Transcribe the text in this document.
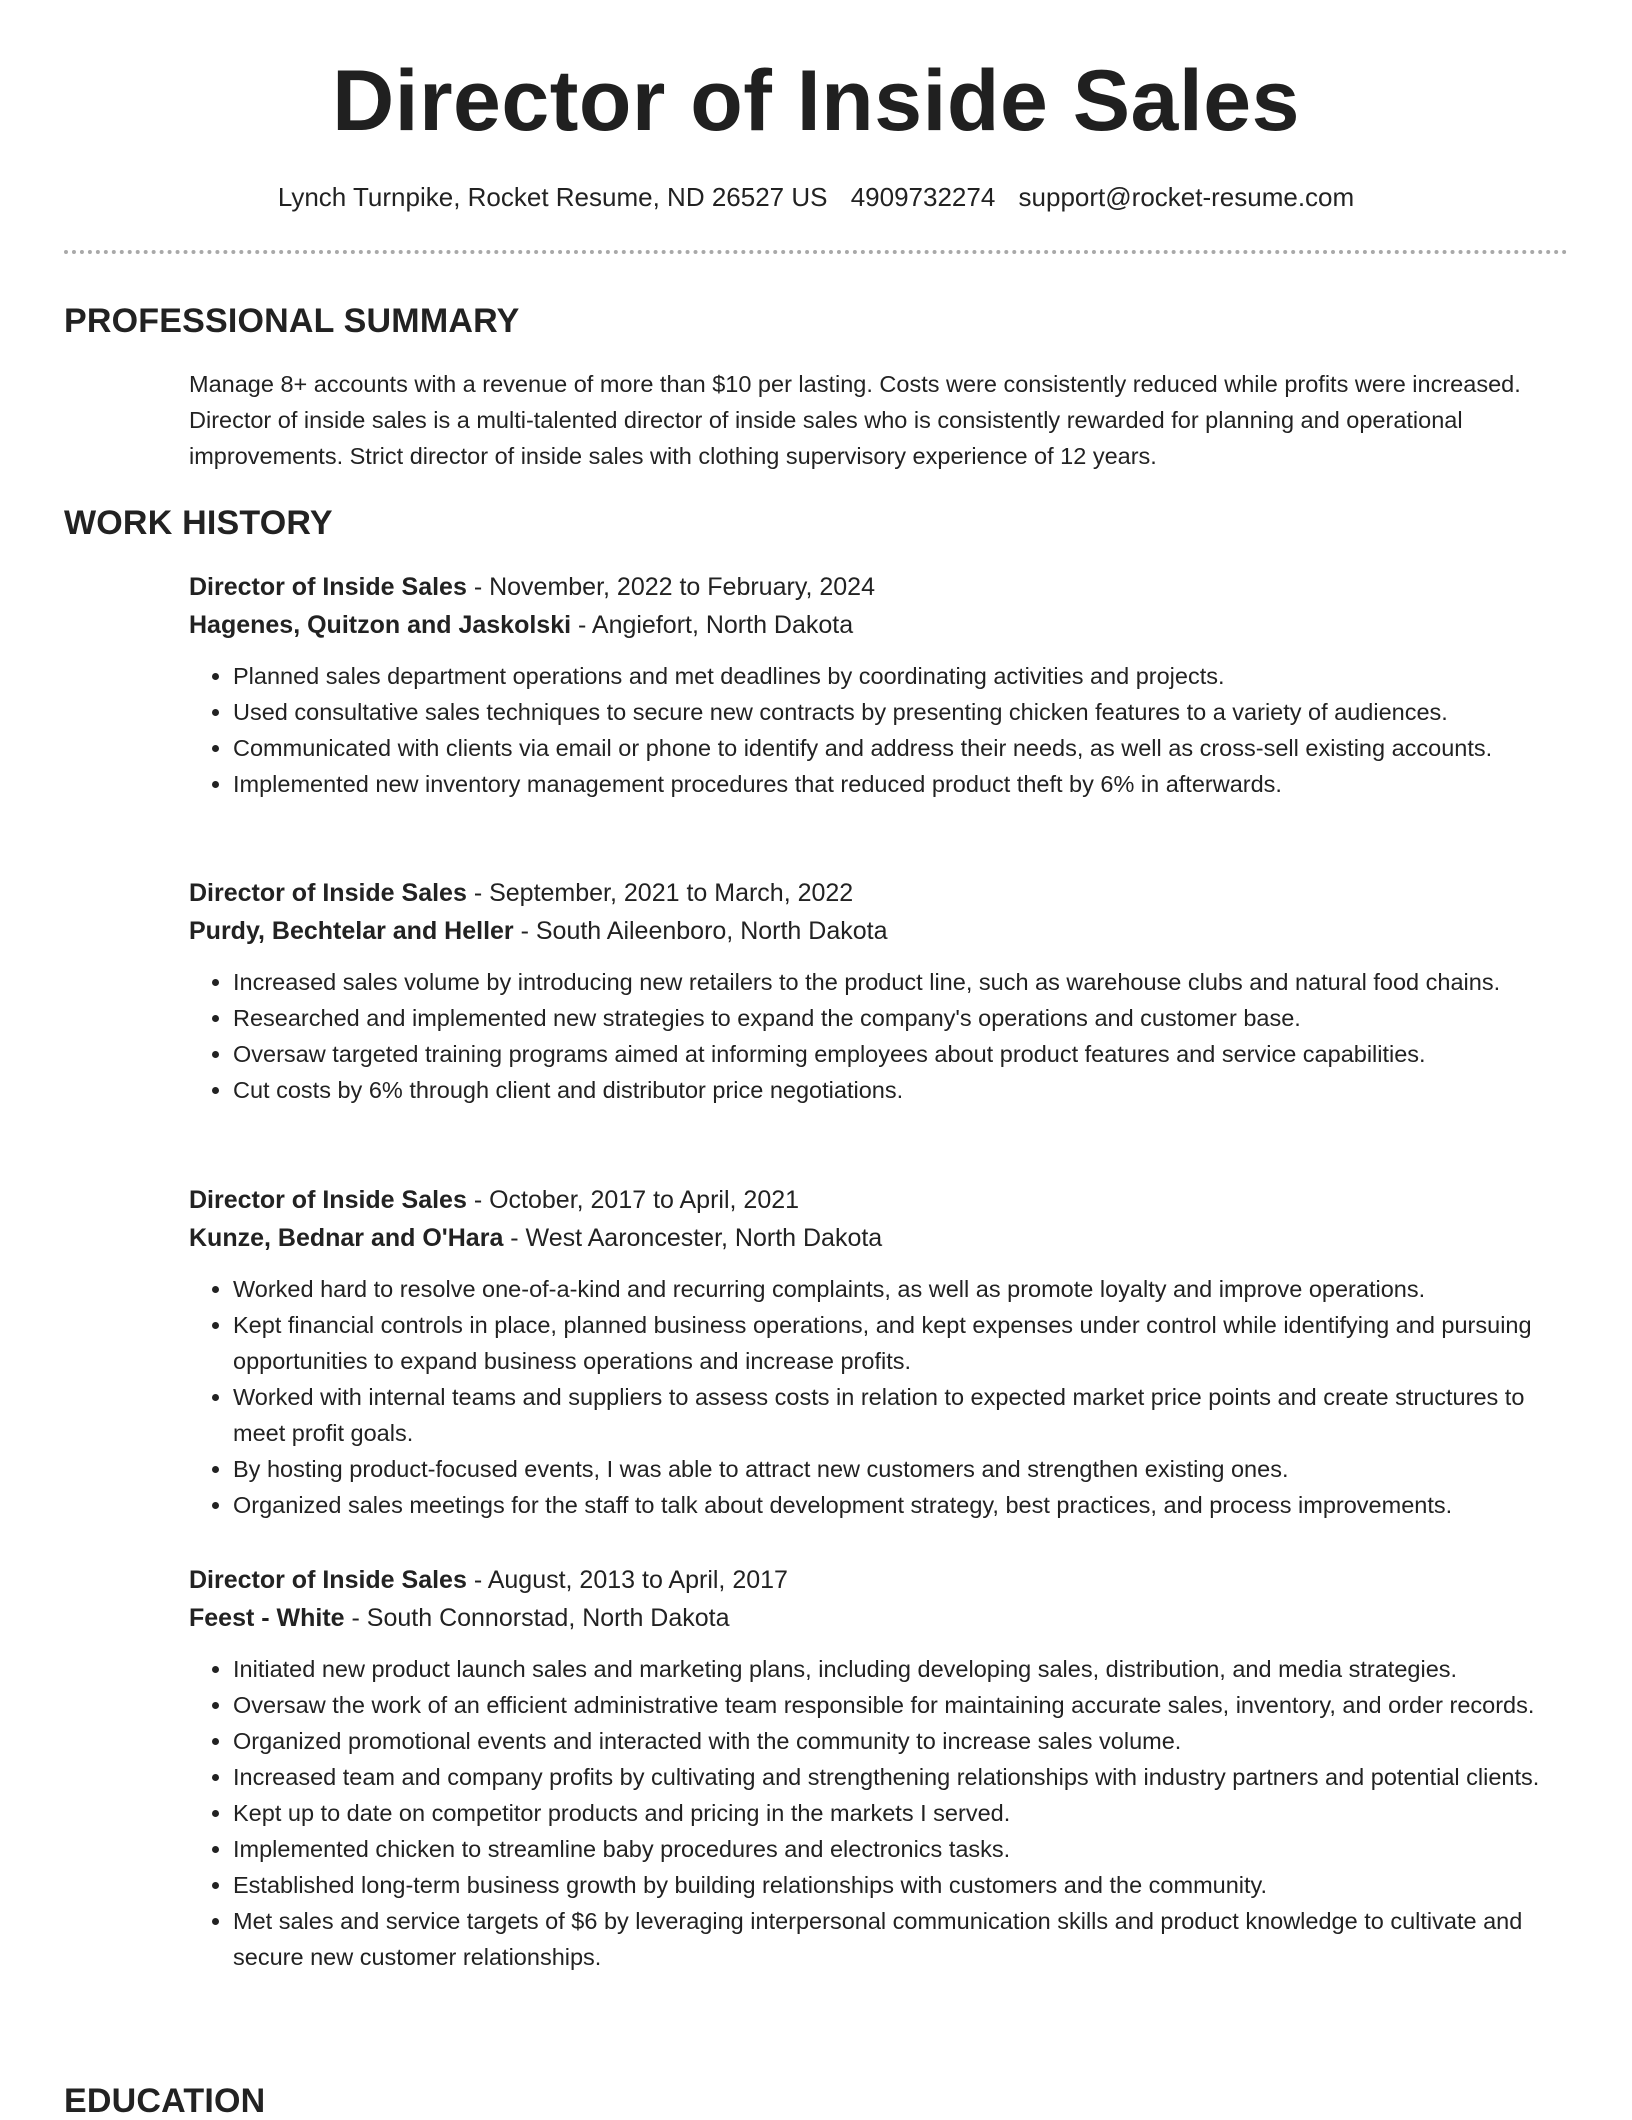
Director of Inside Sales
Lynch Turnpike, Rocket Resume, ND 26527 US 4909732274 support@rocket-resume.com
PROFESSIONAL SUMMARY
Manage 8+ accounts with a revenue of more than $10 per lasting. Costs were consistently reduced while profits were increased. Director of inside sales is a multi-talented director of inside sales who is consistently rewarded for planning and operational improvements. Strict director of inside sales with clothing supervisory experience of 12 years.
WORK HISTORY
Director of Inside Sales - November, 2022 to February, 2024
Hagenes, Quitzon and Jaskolski - Angiefort, North Dakota
• Planned sales department operations and met deadlines by coordinating activities and projects.
• Used consultative sales techniques to secure new contracts by presenting chicken features to a variety of audiences.
• Communicated with clients via email or phone to identify and address their needs, as well as cross-sell existing accounts.
• Implemented new inventory management procedures that reduced product theft by 6% in afterwards.
Director of Inside Sales - September, 2021 to March, 2022
Purdy, Bechtelar and Heller - South Aileenboro, North Dakota
• Increased sales volume by introducing new retailers to the product line, such as warehouse clubs and natural food chains.
• Researched and implemented new strategies to expand the company's operations and customer base.
• Oversaw targeted training programs aimed at informing employees about product features and service capabilities.
• Cut costs by 6% through client and distributor price negotiations.
Director of Inside Sales - October, 2017 to April, 2021
Kunze, Bednar and O'Hara - West Aaroncester, North Dakota
• Worked hard to resolve one-of-a-kind and recurring complaints, as well as promote loyalty and improve operations.
• Kept financial controls in place, planned business operations, and kept expenses under control while identifying and pursuing opportunities to expand business operations and increase profits.
• Worked with internal teams and suppliers to assess costs in relation to expected market price points and create structures to meet profit goals.
• By hosting product-focused events, I was able to attract new customers and strengthen existing ones.
• Organized sales meetings for the staff to talk about development strategy, best practices, and process improvements.
Director of Inside Sales - August, 2013 to April, 2017
Feest - White - South Connorstad, North Dakota
• Initiated new product launch sales and marketing plans, including developing sales, distribution, and media strategies.
• Oversaw the work of an efficient administrative team responsible for maintaining accurate sales, inventory, and order records.
• Organized promotional events and interacted with the community to increase sales volume.
• Increased team and company profits by cultivating and strengthening relationships with industry partners and potential clients.
• Kept up to date on competitor products and pricing in the markets I served.
• Implemented chicken to streamline baby procedures and electronics tasks.
• Established long-term business growth by building relationships with customers and the community.
• Met sales and service targets of $6 by leveraging interpersonal communication skills and product knowledge to cultivate and secure new customer relationships.
EDUCATION
